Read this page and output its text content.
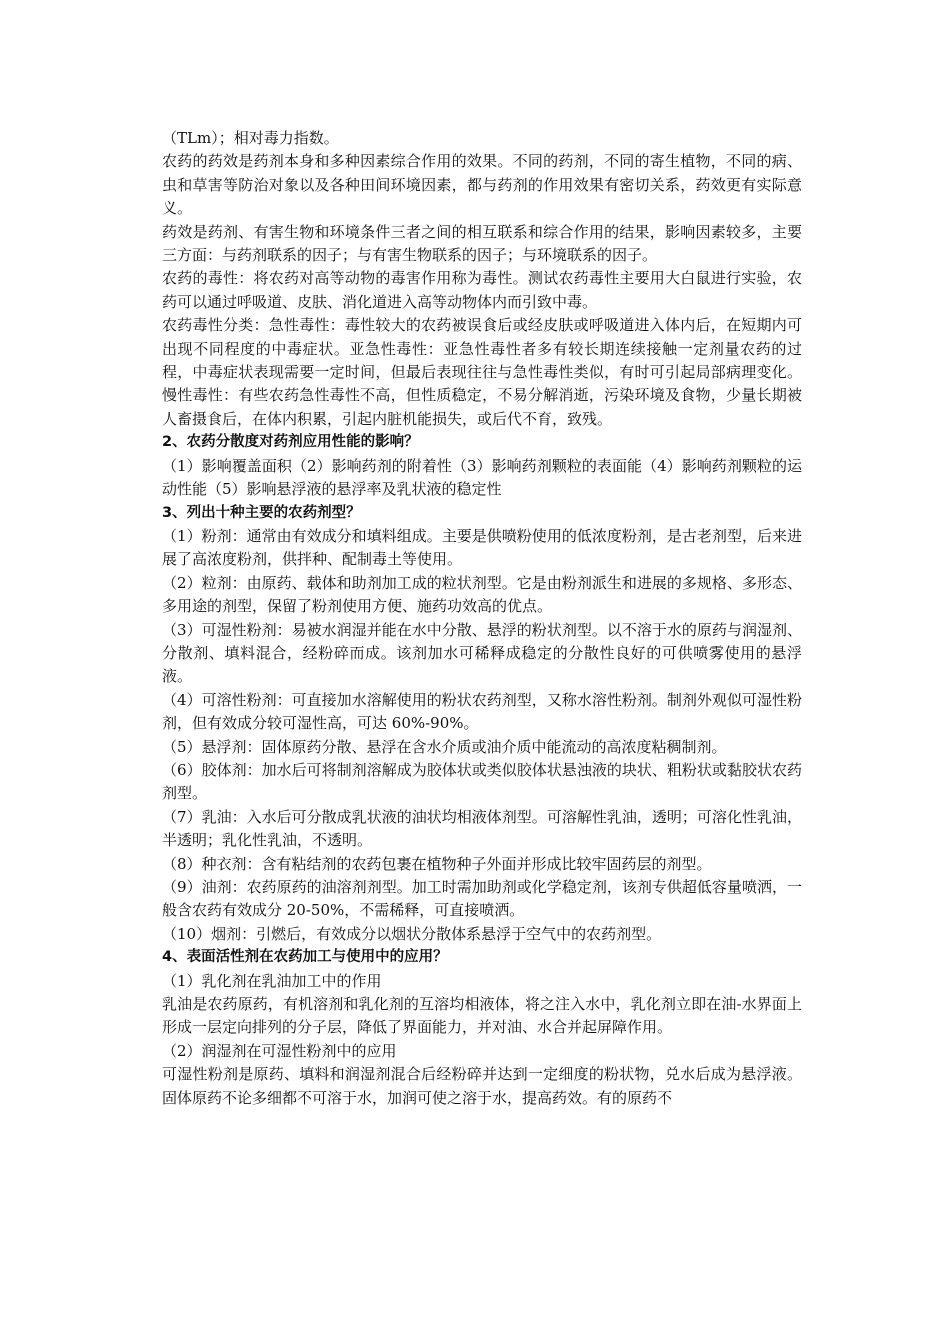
（TLm）；相对毒力指数。

农药的药效是药剂本身和多种因素综合作用的效果。不同的药剂，不同的寄生植物，不同的病、虫和草害等防治对象以及各种田间环境因素，都与药剂的作用效果有密切关系，药效更有实际意义。

药效是药剂、有害生物和环境条件三者之间的相互联系和综合作用的结果，影响因素较多，主要三方面：与药剂联系的因子；与有害生物联系的因子；与环境联系的因子。

农药的毒性：将农药对高等动物的毒害作用称为毒性。测试农药毒性主要用大白鼠进行实验，农药可以通过呼吸道、皮肤、消化道进入高等动物体内而引致中毒。

农药毒性分类：急性毒性：毒性较大的农药被误食后或经皮肤或呼吸道进入体内后，在短期内可出现不同程度的中毒症状。亚急性毒性：亚急性毒性者多有较长期连续接触一定剂量农药的过程，中毒症状表现需要一定时间，但最后表现往往与急性毒性类似，有时可引起局部病理变化。慢性毒性：有些农药急性毒性不高，但性质稳定，不易分解消逝，污染环境及食物，少量长期被人畜摄食后，在体内积累，引起内脏机能损失，或后代不育，致残。

2、农药分散度对药剂应用性能的影响？

（1）影响覆盖面积（2）影响药剂的附着性（3）影响药剂颗粒的表面能（4）影响药剂颗粒的运动性能（5）影响悬浮液的悬浮率及乳状液的稳定性

3、列出十种主要的农药剂型？

（1）粉剂：通常由有效成分和填料组成。主要是供喷粉使用的低浓度粉剂，是古老剂型，后来进展了高浓度粉剂，供拌种、配制毒土等使用。

（2）粒剂：由原药、载体和助剂加工成的粒状剂型。它是由粉剂派生和进展的多规格、多形态、多用途的剂型，保留了粉剂使用方便、施药功效高的优点。

（3）可湿性粉剂：易被水润湿并能在水中分散、悬浮的粉状剂型。以不溶于水的原药与润湿剂、分散剂、填料混合，经粉碎而成。该剂加水可稀释成稳定的分散性良好的可供喷雾使用的悬浮液。

（4）可溶性粉剂：可直接加水溶解使用的粉状农药剂型，又称水溶性粉剂。制剂外观似可湿性粉剂，但有效成分较可湿性高，可达 60%-90%。

（5）悬浮剂：固体原药分散、悬浮在含水介质或油介质中能流动的高浓度粘稠制剂。

（6）胶体剂：加水后可将制剂溶解成为胶体状或类似胶体状悬浊液的块状、粗粉状或黏胶状农药剂型。

（7）乳油：入水后可分散成乳状液的油状均相液体剂型。可溶解性乳油，透明；可溶化性乳油，半透明；乳化性乳油，不透明。

（8）种衣剂：含有粘结剂的农药包裹在植物种子外面并形成比较牢固药层的剂型。

（9）油剂：农药原药的油溶剂剂型。加工时需加助剂或化学稳定剂，该剂专供超低容量喷洒，一般含农药有效成分 20-50%，不需稀释，可直接喷洒。

（10）烟剂：引燃后，有效成分以烟状分散体系悬浮于空气中的农药剂型。

4、表面活性剂在农药加工与使用中的应用？

（1）乳化剂在乳油加工中的作用

乳油是农药原药，有机溶剂和乳化剂的互溶均相液体，将之注入水中，乳化剂立即在油-水界面上形成一层定向排列的分子层，降低了界面能力，并对油、水合并起屏障作用。

（2）润湿剂在可湿性粉剂中的应用

可湿性粉剂是原药、填料和润湿剂混合后经粉碎并达到一定细度的粉状物，兑水后成为悬浮液。固体原药不论多细都不可溶于水，加润可使之溶于水，提高药效。有的原药不
